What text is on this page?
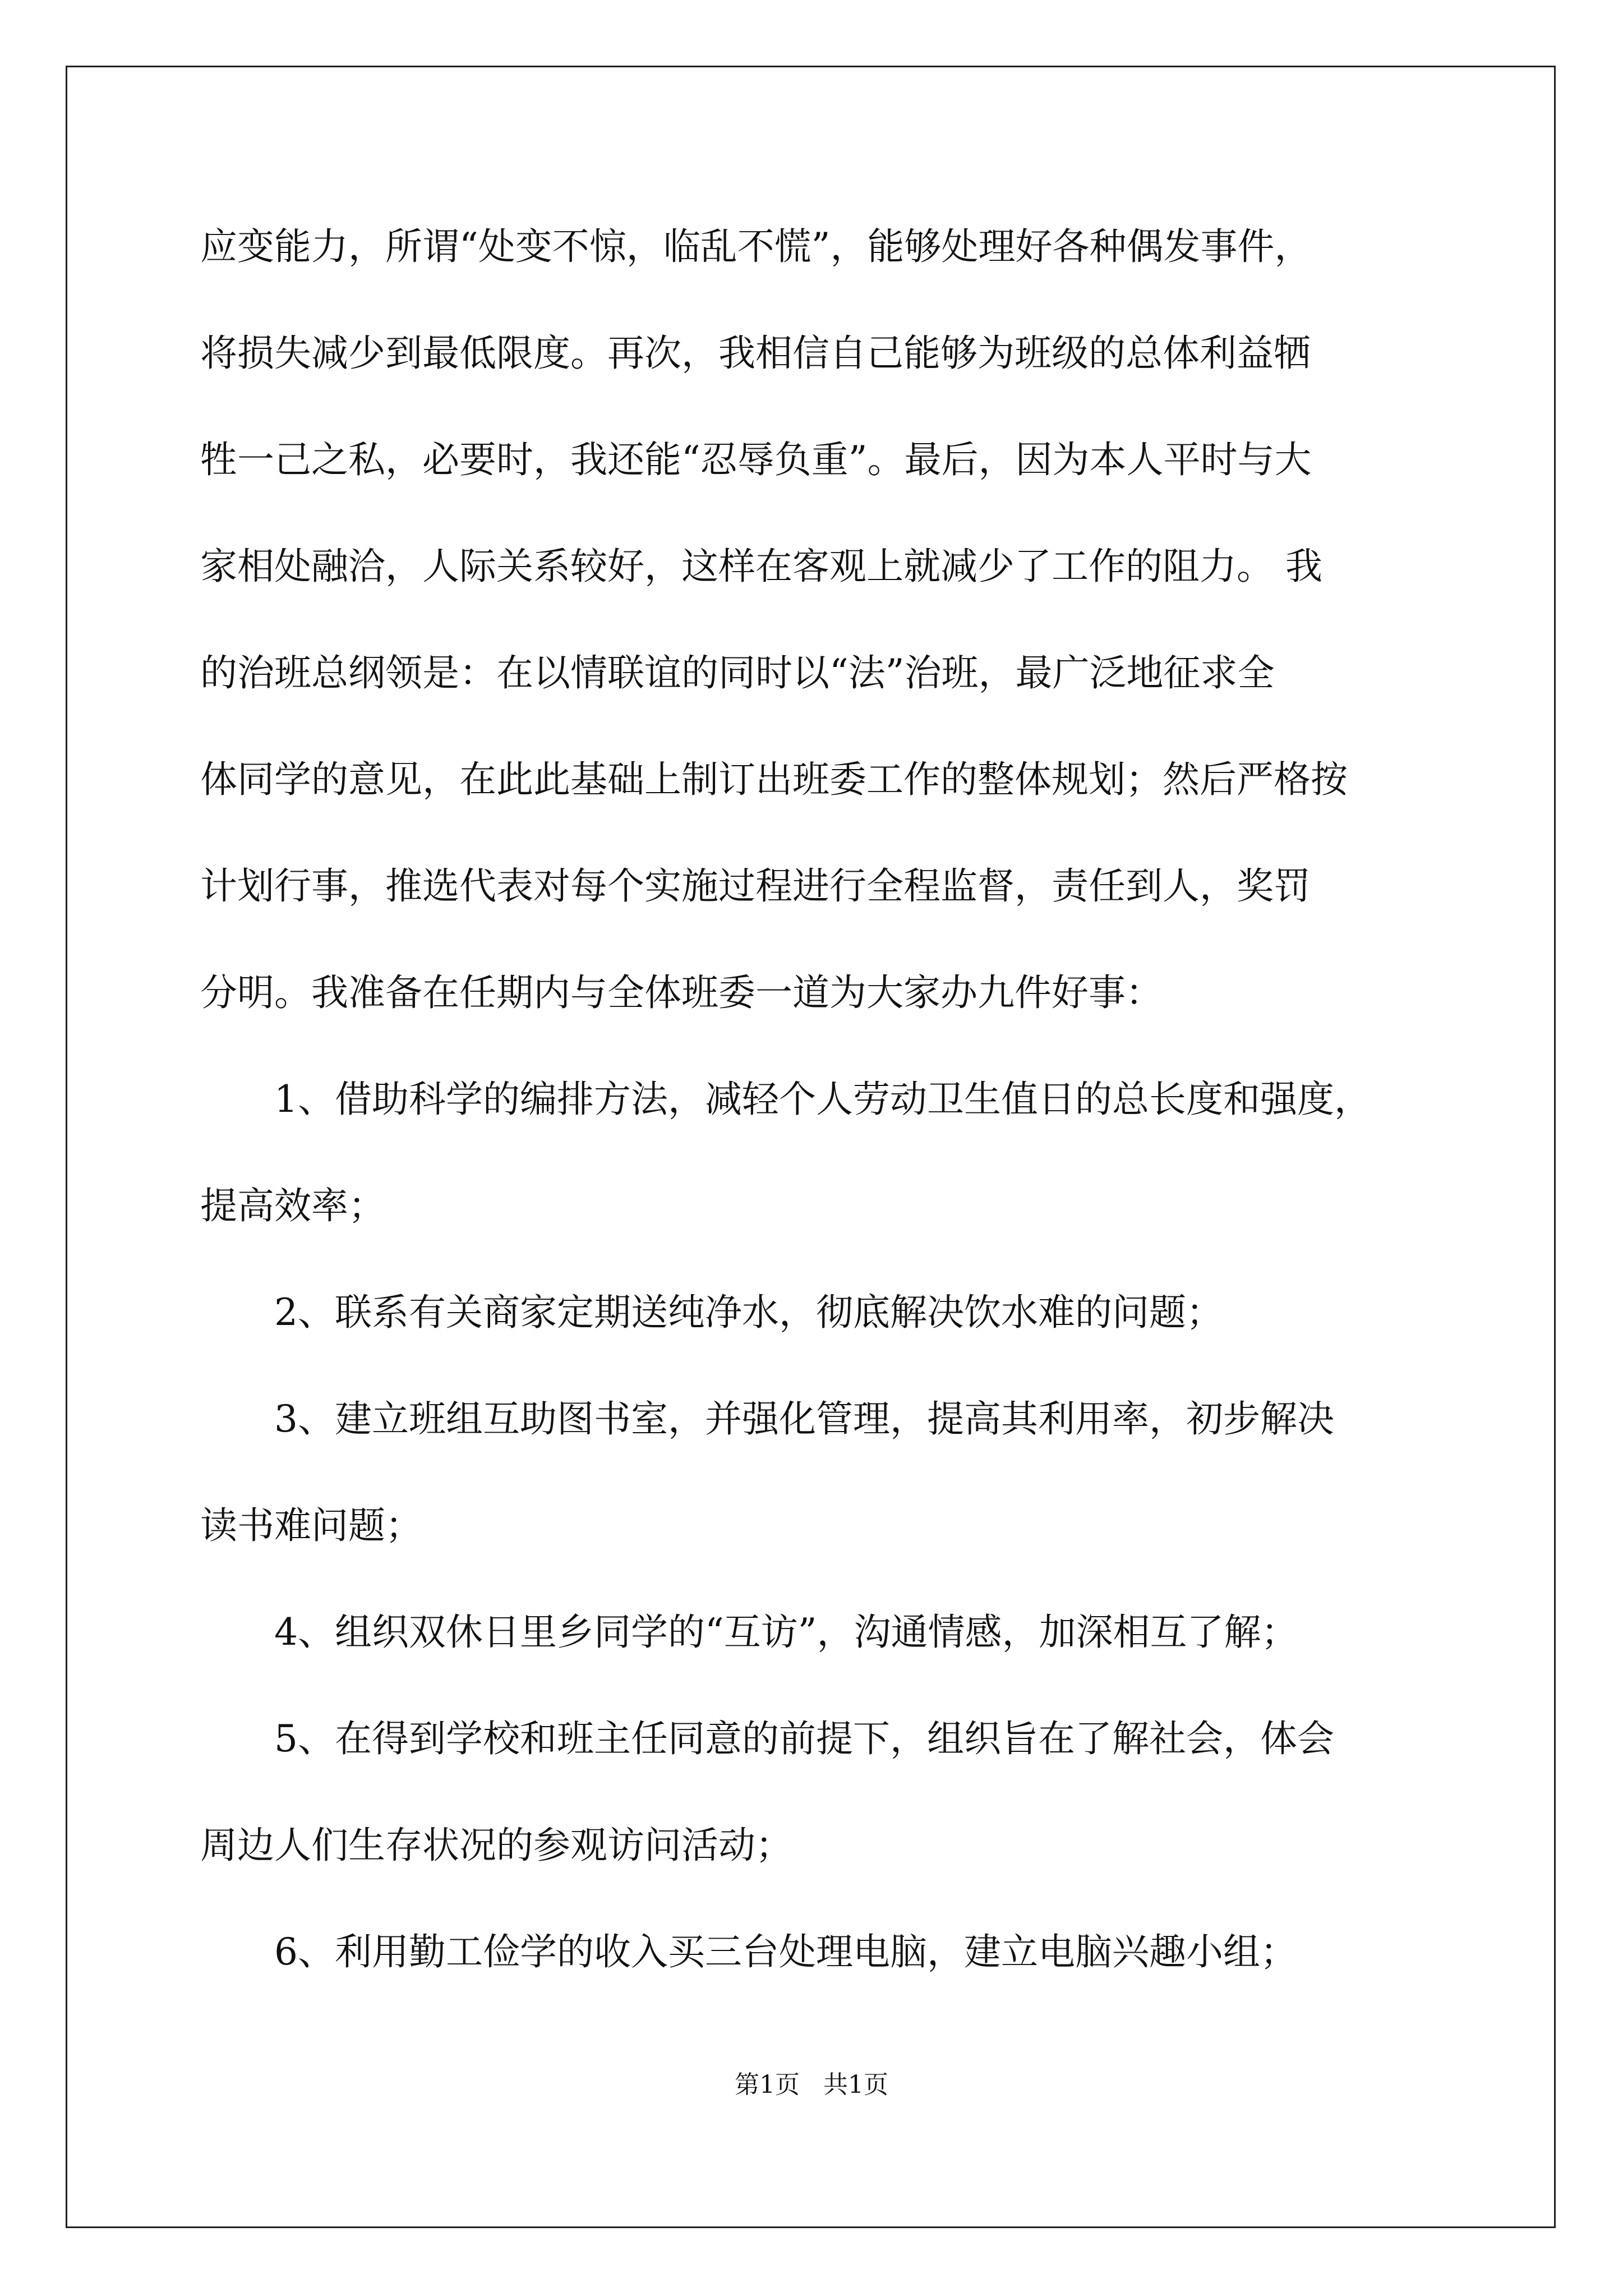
应变能力，所谓“处变不惊，临乱不慌”，能够处理好各种偶发事件，
将损失减少到最低限度。再次，我相信自己能够为班级的总体利益牺
牲一己之私，必要时，我还能“忍辱负重”。最后，因为本人平时与大
家相处融洽，人际关系较好，这样在客观上就减少了工作的阻力。 我
的治班总纲领是：在以情联谊的同时以“法”治班，最广泛地征求全
体同学的意见，在此此基础上制订出班委工作的整体规划；然后严格按
计划行事，推选代表对每个实施过程进行全程监督，责任到人，奖罚
分明。我准备在任期内与全体班委一道为大家办九件好事：
1、借助科学的编排方法，减轻个人劳动卫生值日的总长度和强度，
提高效率；
2、联系有关商家定期送纯净水，彻底解决饮水难的问题；
3、建立班组互助图书室，并强化管理，提高其利用率，初步解决
读书难问题；
4、组织双休日里乡同学的“互访”，沟通情感，加深相互了解；
5、在得到学校和班主任同意的前提下，组织旨在了解社会，体会
周边人们生存状况的参观访问活动；
6、利用勤工俭学的收入买三台处理电脑，建立电脑兴趣小组；
第1页   共1页
